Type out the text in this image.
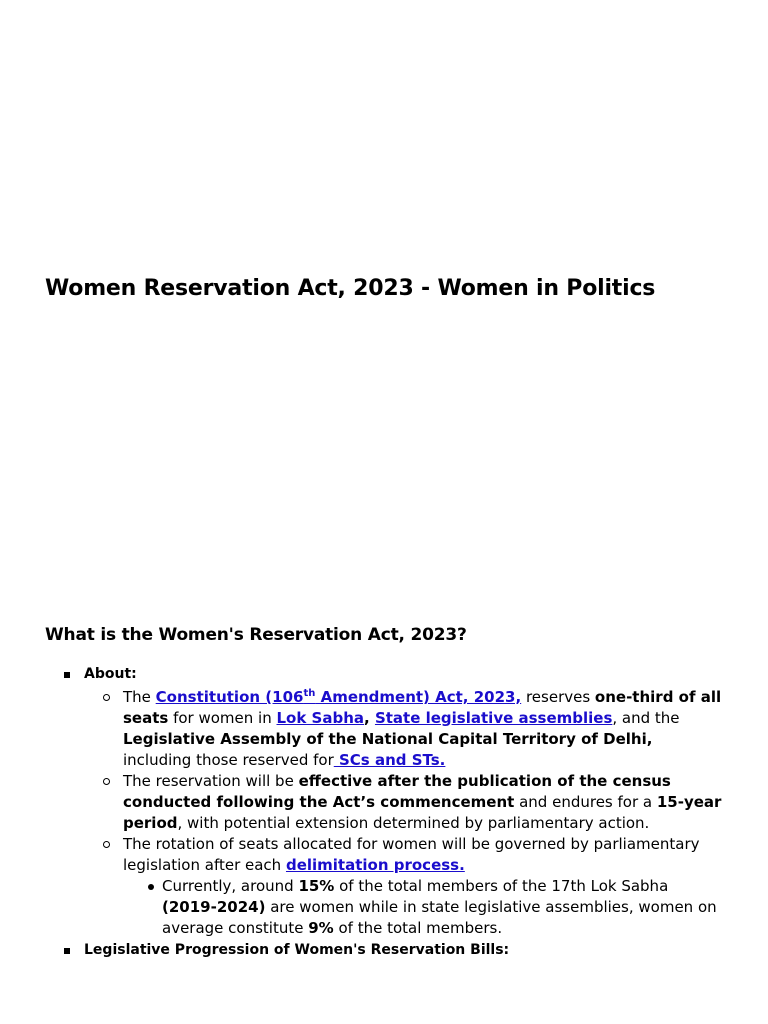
Women Reservation Act, 2023 - Women in Politics
What is the Women's Reservation Act, 2023?
About:
The Constitution (106th Amendment) Act, 2023, reserves one-third of all seats for women in Lok Sabha, State legislative assemblies, and the Legislative Assembly of the National Capital Territory of Delhi, including those reserved for SCs and STs.
The reservation will be effective after the publication of the census conducted following the Act’s commencement and endures for a 15-year period, with potential extension determined by parliamentary action.
The rotation of seats allocated for women will be governed by parliamentary legislation after each delimitation process.
Currently, around 15% of the total members of the 17th Lok Sabha (2019-2024) are women while in state legislative assemblies, women on average constitute 9% of the total members.
Legislative Progression of Women's Reservation Bills:
